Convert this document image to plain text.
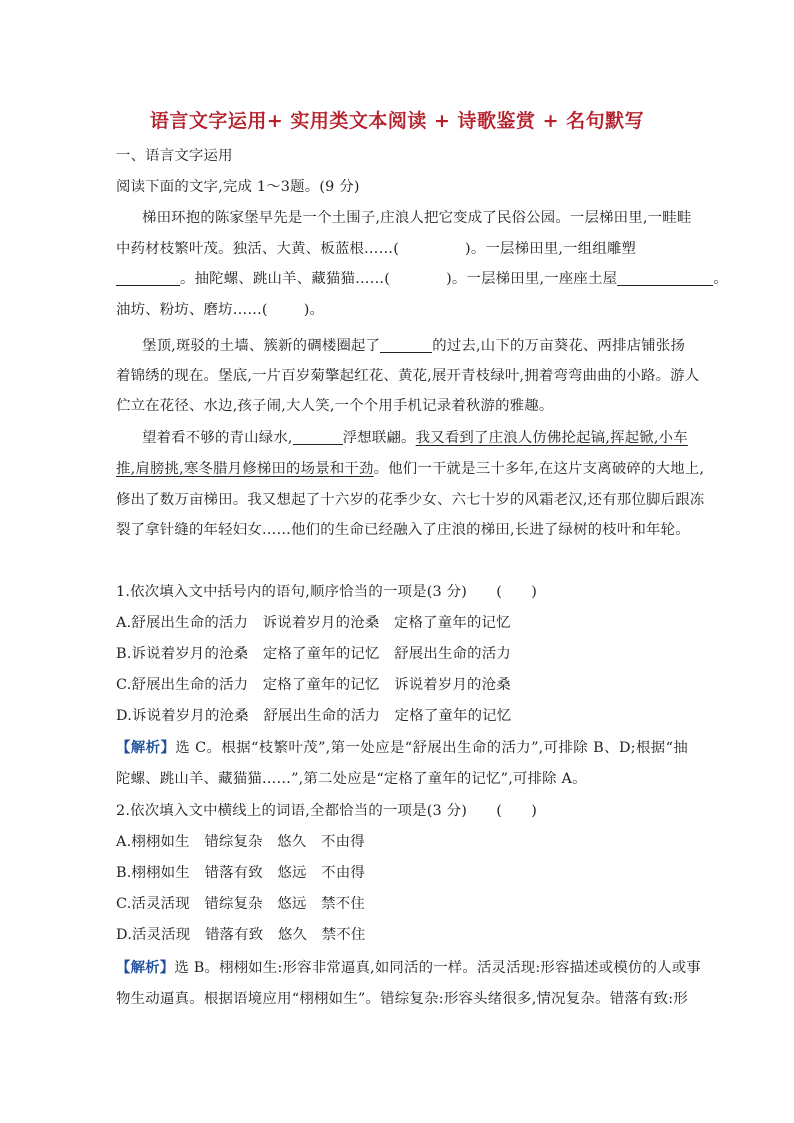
语言文字运用+ 实用类文本阅读 + 诗歌鉴赏 + 名句默写
一、语言文字运用
阅读下面的文字,完成 1～3题。(9 分)
梯田环抱的陈家堡早先是一个土围子,庄浪人把它变成了民俗公园。一层梯田里,一畦畦
中药材枝繁叶茂。独活、大黄、板蓝根……(	)。一层梯田里,一组组雕塑
。抽陀螺、跳山羊、藏猫猫……(	)。一层梯田里,一座座土屋	。
油坊、粉坊、磨坊……(	)。
堡顶,斑驳的土墙、簇新的碉楼圈起了	的过去,山下的万亩葵花、两排店铺张扬
着锦绣的现在。堡底,一片百岁菊擎起红花、黄花,展开青枝绿叶,拥着弯弯曲曲的小路。游人
伫立在花径、水边,孩子闹,大人笑,一个个用手机记录着秋游的雅趣。
望着看不够的青山绿水,	浮想联翩。我又看到了庄浪人仿佛抡起镐,挥起锨,小车
推,肩膀挑,寒冬腊月修梯田的场景和干劲。他们一干就是三十多年,在这片支离破碎的大地上,
修出了数万亩梯田。我又想起了十六岁的花季少女、六七十岁的风霜老汉,还有那位脚后跟冻
裂了拿针缝的年轻妇女……他们的生命已经融入了庄浪的梯田,长进了绿树的枝叶和年轮。
1.依次填入文中括号内的语句,顺序恰当的一项是(3 分)　　(　　)
A.舒展出生命的活力　诉说着岁月的沧桑　定格了童年的记忆
B.诉说着岁月的沧桑　定格了童年的记忆　舒展出生命的活力
C.舒展出生命的活力　定格了童年的记忆　诉说着岁月的沧桑
D.诉说着岁月的沧桑　舒展出生命的活力　定格了童年的记忆
【解析】选 C。根据“枝繁叶茂”,第一处应是“舒展出生命的活力”,可排除 B、D;根据“抽
陀螺、跳山羊、藏猫猫……”,第二处应是“定格了童年的记忆”,可排除 A。
2.依次填入文中横线上的词语,全都恰当的一项是(3 分)　　(　　)
A.栩栩如生　错综复杂　悠久　不由得
B.栩栩如生　错落有致　悠远　不由得
C.活灵活现　错综复杂　悠远　禁不住
D.活灵活现　错落有致　悠久　禁不住
【解析】选 B。栩栩如生:形容非常逼真,如同活的一样。活灵活现:形容描述或模仿的人或事
物生动逼真。根据语境应用“栩栩如生”。错综复杂:形容头绪很多,情况复杂。错落有致:形
